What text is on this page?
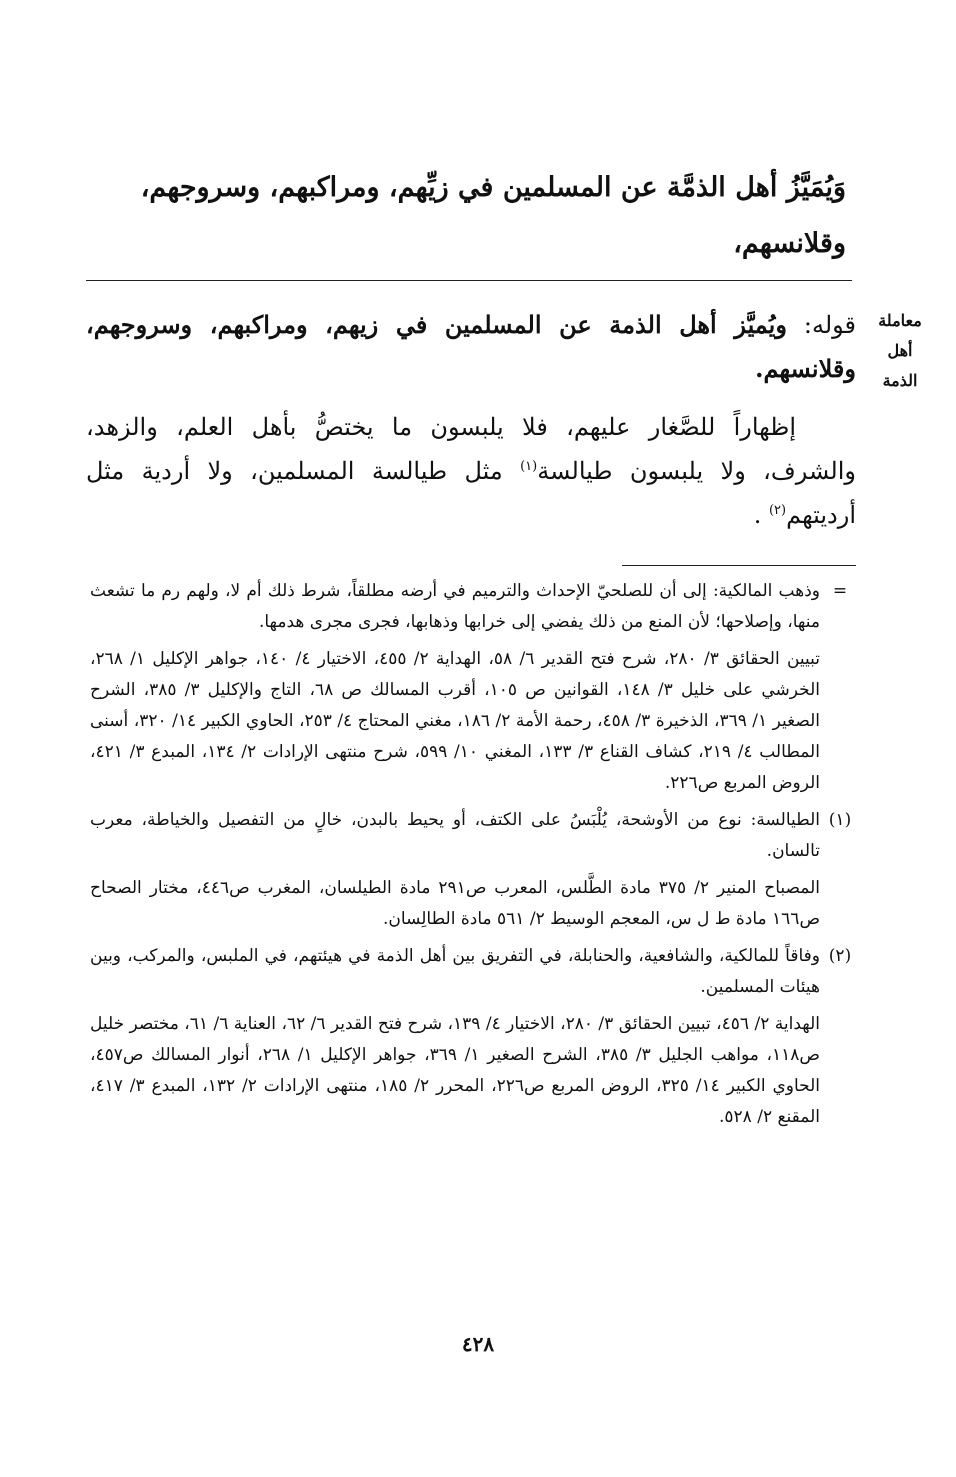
وَيُمَيَّزُ أهل الذمَّة عن المسلمين في زيِّهم، ومراكبهم، وسروجهم، وقلانسهم،
معاملة
أهل
الذمة

قوله: ويُميَّز أهل الذمة عن المسلمين في زيهم، ومراكبهم، وسروجهم، وقلانسهم.

إظهاراً للصَّغار عليهم، فلا يلبسون ما يختصُّ بأهل العلم، والزهد، والشرف، ولا يلبسون طيالسة$^{(١)}$ مثل طيالسة المسلمين، ولا أردية مثل أرديتهم$^{(٢)}$ .

=

وذهب المالكية: إلى أن للصلحيّ الإحداث والترميم في أرضه مطلقاً، شرط ذلك أم لا، ولهم رم ما تشعث منها، وإصلاحها؛ لأن المنع من ذلك يفضي إلى خرابها وذهابها، فجرى مجرى هدمها.

تبيين الحقائق ٣/ ٢٨٠، شرح فتح القدير ٦/ ٥٨، الهداية ٢/ ٤٥٥، الاختيار ٤/ ١٤٠، جواهر الإكليل ١/ ٢٦٨، الخرشي على خليل ٣/ ١٤٨، القوانين ص ١٠٥، أقرب المسالك ص ٦٨، التاج والإكليل ٣/ ٣٨٥، الشرح الصغير ١/ ٣٦٩، الذخيرة ٣/ ٤٥٨، رحمة الأمة ٢/ ١٨٦، مغني المحتاج ٤/ ٢٥٣، الحاوي الكبير ١٤/ ٣٢٠، أسنى المطالب ٤/ ٢١٩، كشاف القناع ٣/ ١٣٣، المغني ١٠/ ٥٩٩، شرح منتهى الإرادات ٢/ ١٣٤، المبدع ٣/ ٤٢١، الروض المربع ص٢٢٦.

(١)

الطيالسة: نوع من الأوشحة، يُلْبَسُ على الكتف، أو يحيط بالبدن، خالٍ من التفصيل والخياطة، معرب تالسان.

المصباح المنير ٢/ ٣٧٥ مادة الطَّلس، المعرب ص٢٩١ مادة الطيلسان، المغرب ص٤٤٦، مختار الصحاح ص١٦٦ مادة ط ل س، المعجم الوسيط ٢/ ٥٦١ مادة الطالِسان.

(٢)

وفاقاً للمالكية، والشافعية، والحنابلة، في التفريق بين أهل الذمة في هيئتهم، في الملبس، والمركب، وبين هيئات المسلمين.

الهداية ٢/ ٤٥٦، تبيين الحقائق ٣/ ٢٨٠، الاختيار ٤/ ١٣٩، شرح فتح القدير ٦/ ٦٢، العناية ٦/ ٦١، مختصر خليل ص١١٨، مواهب الجليل ٣/ ٣٨٥، الشرح الصغير ١/ ٣٦٩، جواهر الإكليل ١/ ٢٦٨، أنوار المسالك ص٤٥٧، الحاوي الكبير ١٤/ ٣٢٥، الروض المربع ص٢٢٦، المحرر ٢/ ١٨٥، منتهى الإرادات ٢/ ١٣٢، المبدع ٣/ ٤١٧، المقنع ٢/ ٥٢٨.

٤٢٨
